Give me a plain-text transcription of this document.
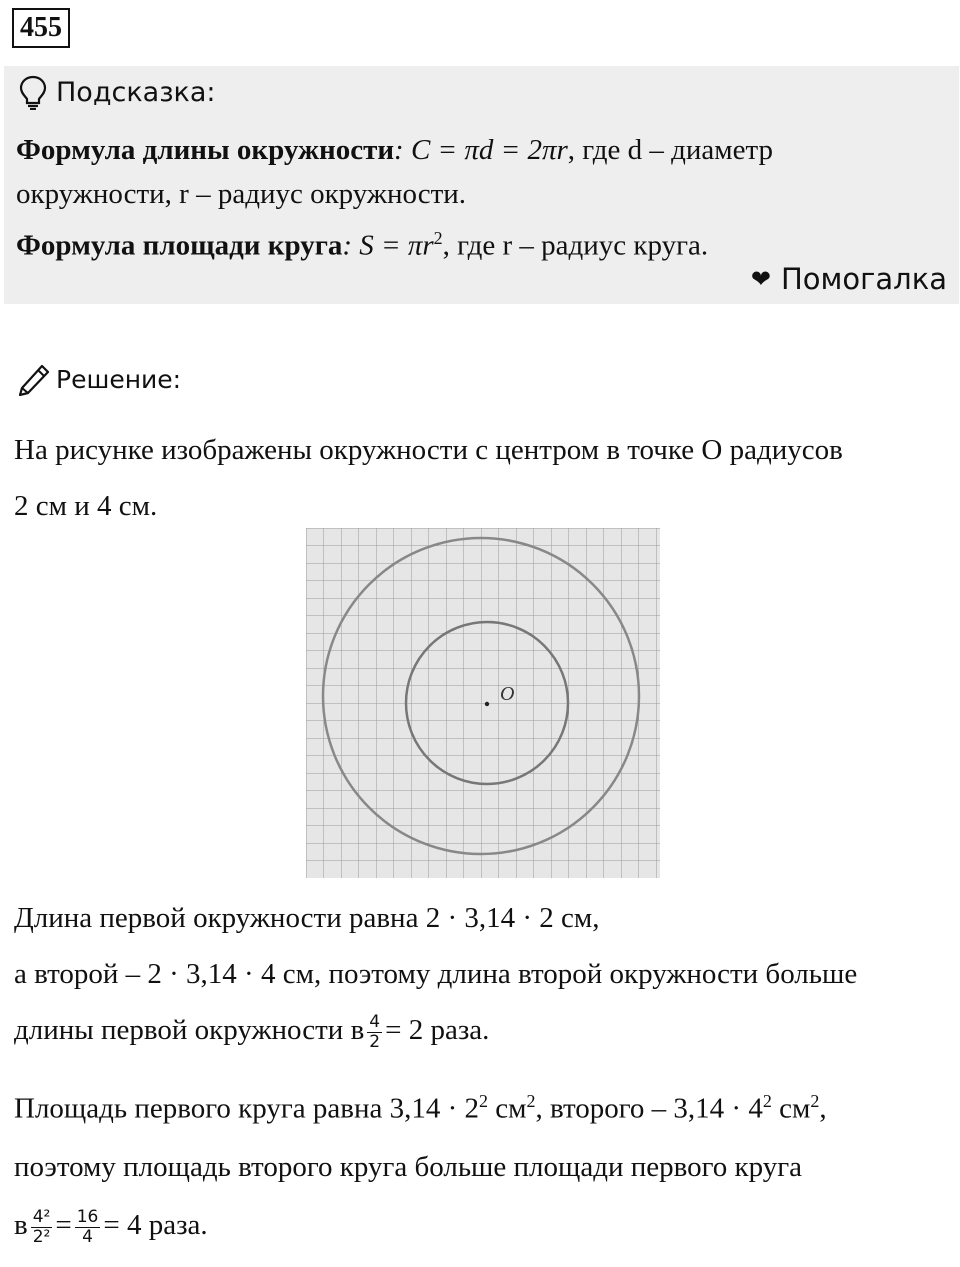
455
Подсказка:
Формула длины окружности: C = πd = 2πr, где d – диаметр
окружности, r – радиус окружности.
Формула площади круга: $S = \pi r^2$, где r – радиус круга.
❤ Помогалка
Решение:
На рисунке изображены окружности с центром в точке O радиусов
2 см и 4 см.
O
Длина первой окружности равна 2 · 3,14 · 2 см,
а второй – 2 · 3,14 · 4 см, поэтому длина второй окружности больше
длины первой окружности в $\frac{4}{2} = 2$ раза.
Площадь первого круга равна $3,14 \cdot 2^2$ $см^2$, второго – $3,14 \cdot 4^2$ $см^2$,
поэтому площадь второго круга больше площади первого круга
в $\frac{\text{4²}}{\text{2²}} = \frac{16}{4} = 4$ раза.
